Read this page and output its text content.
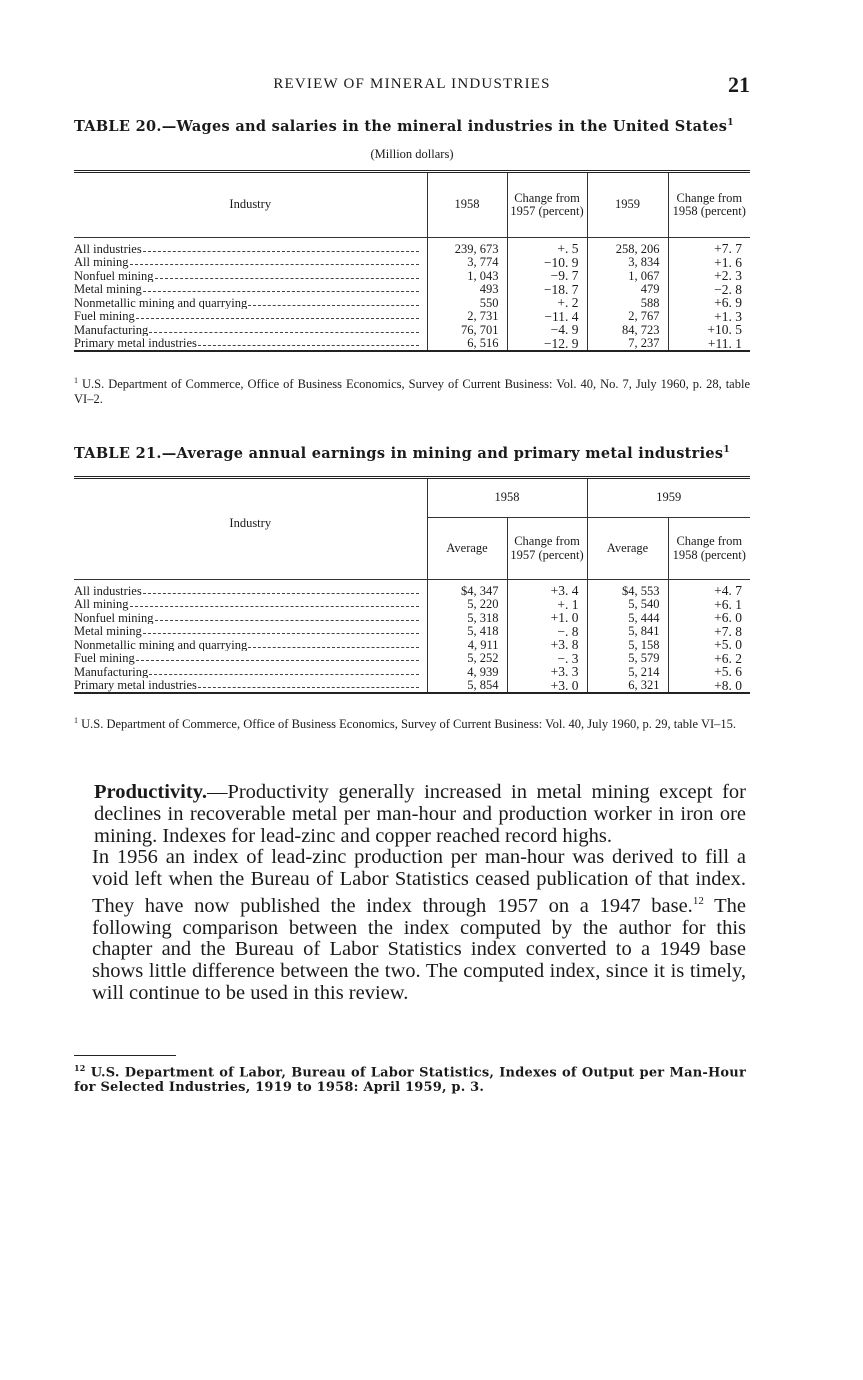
REVIEW OF MINERAL INDUSTRIES	21
TABLE 20.—Wages and salaries in the mineral industries in the United States$^1$
(Million dollars)
Industry	1958	Change from 1957 (percent)	1959	Change from 1958 (percent)

All industries	239, 673	+. 5	258, 206	+7. 7

All mining	3, 774	−10. 9	3, 834	+1. 6

Nonfuel mining	1, 043	−9. 7	1, 067	+2. 3

Metal mining	493	−18. 7	479	−2. 8

Nonmetallic mining and quarrying	550	+. 2	588	+6. 9

Fuel mining	2, 731	−11. 4	2, 767	+1. 3

Manufacturing	76, 701	−4. 9	84, 723	+10. 5

Primary metal industries	6, 516	−12. 9	7, 237	+11. 1
$^1$ U.S. Department of Commerce, Office of Business Economics, Survey of Current Business: Vol. 40, No. 7, July 1960, p. 28, table VI–2.
TABLE 21.—Average annual earnings in mining and primary metal industries$^1$
Industry	1958		1959	
	Average	Change from 1957 (percent)	Average	Change from 1958 (percent)

All industries	$4, 347	+3. 4	$4, 553	+4. 7

All mining	5, 220	+. 1	5, 540	+6. 1

Nonfuel mining	5, 318	+1. 0	5, 444	+6. 0

Metal mining	5, 418	−. 8	5, 841	+7. 8

Nonmetallic mining and quarrying	4, 911	+3. 8	5, 158	+5. 0

Fuel mining	5, 252	−. 3	5, 579	+6. 2

Manufacturing	4, 939	+3. 3	5, 214	+5. 6

Primary metal industries	5, 854	+3. 0	6, 321	+8. 0
$^1$ U.S. Department of Commerce, Office of Business Economics, Survey of Current Business: Vol. 40, July 1960, p. 29, table VI–15.

Productivity.—Productivity generally increased in metal mining except for declines in recoverable metal per man-hour and production worker in iron ore mining. Indexes for lead-zinc and copper reached record highs.

In 1956 an index of lead-zinc production per man-hour was derived to fill a void left when the Bureau of Labor Statistics ceased publication of that index. They have now published the index through 1957 on a 1947 base.$^{12}$ The following comparison between the index computed by the author for this chapter and the Bureau of Labor Statistics index converted to a 1949 base shows little difference between the two. The computed index, since it is timely, will continue to be used in this review.

$^{12}$ U.S. Department of Labor, Bureau of Labor Statistics, Indexes of Output per Man-Hour for Selected Industries, 1919 to 1958: April 1959, p. 3.
